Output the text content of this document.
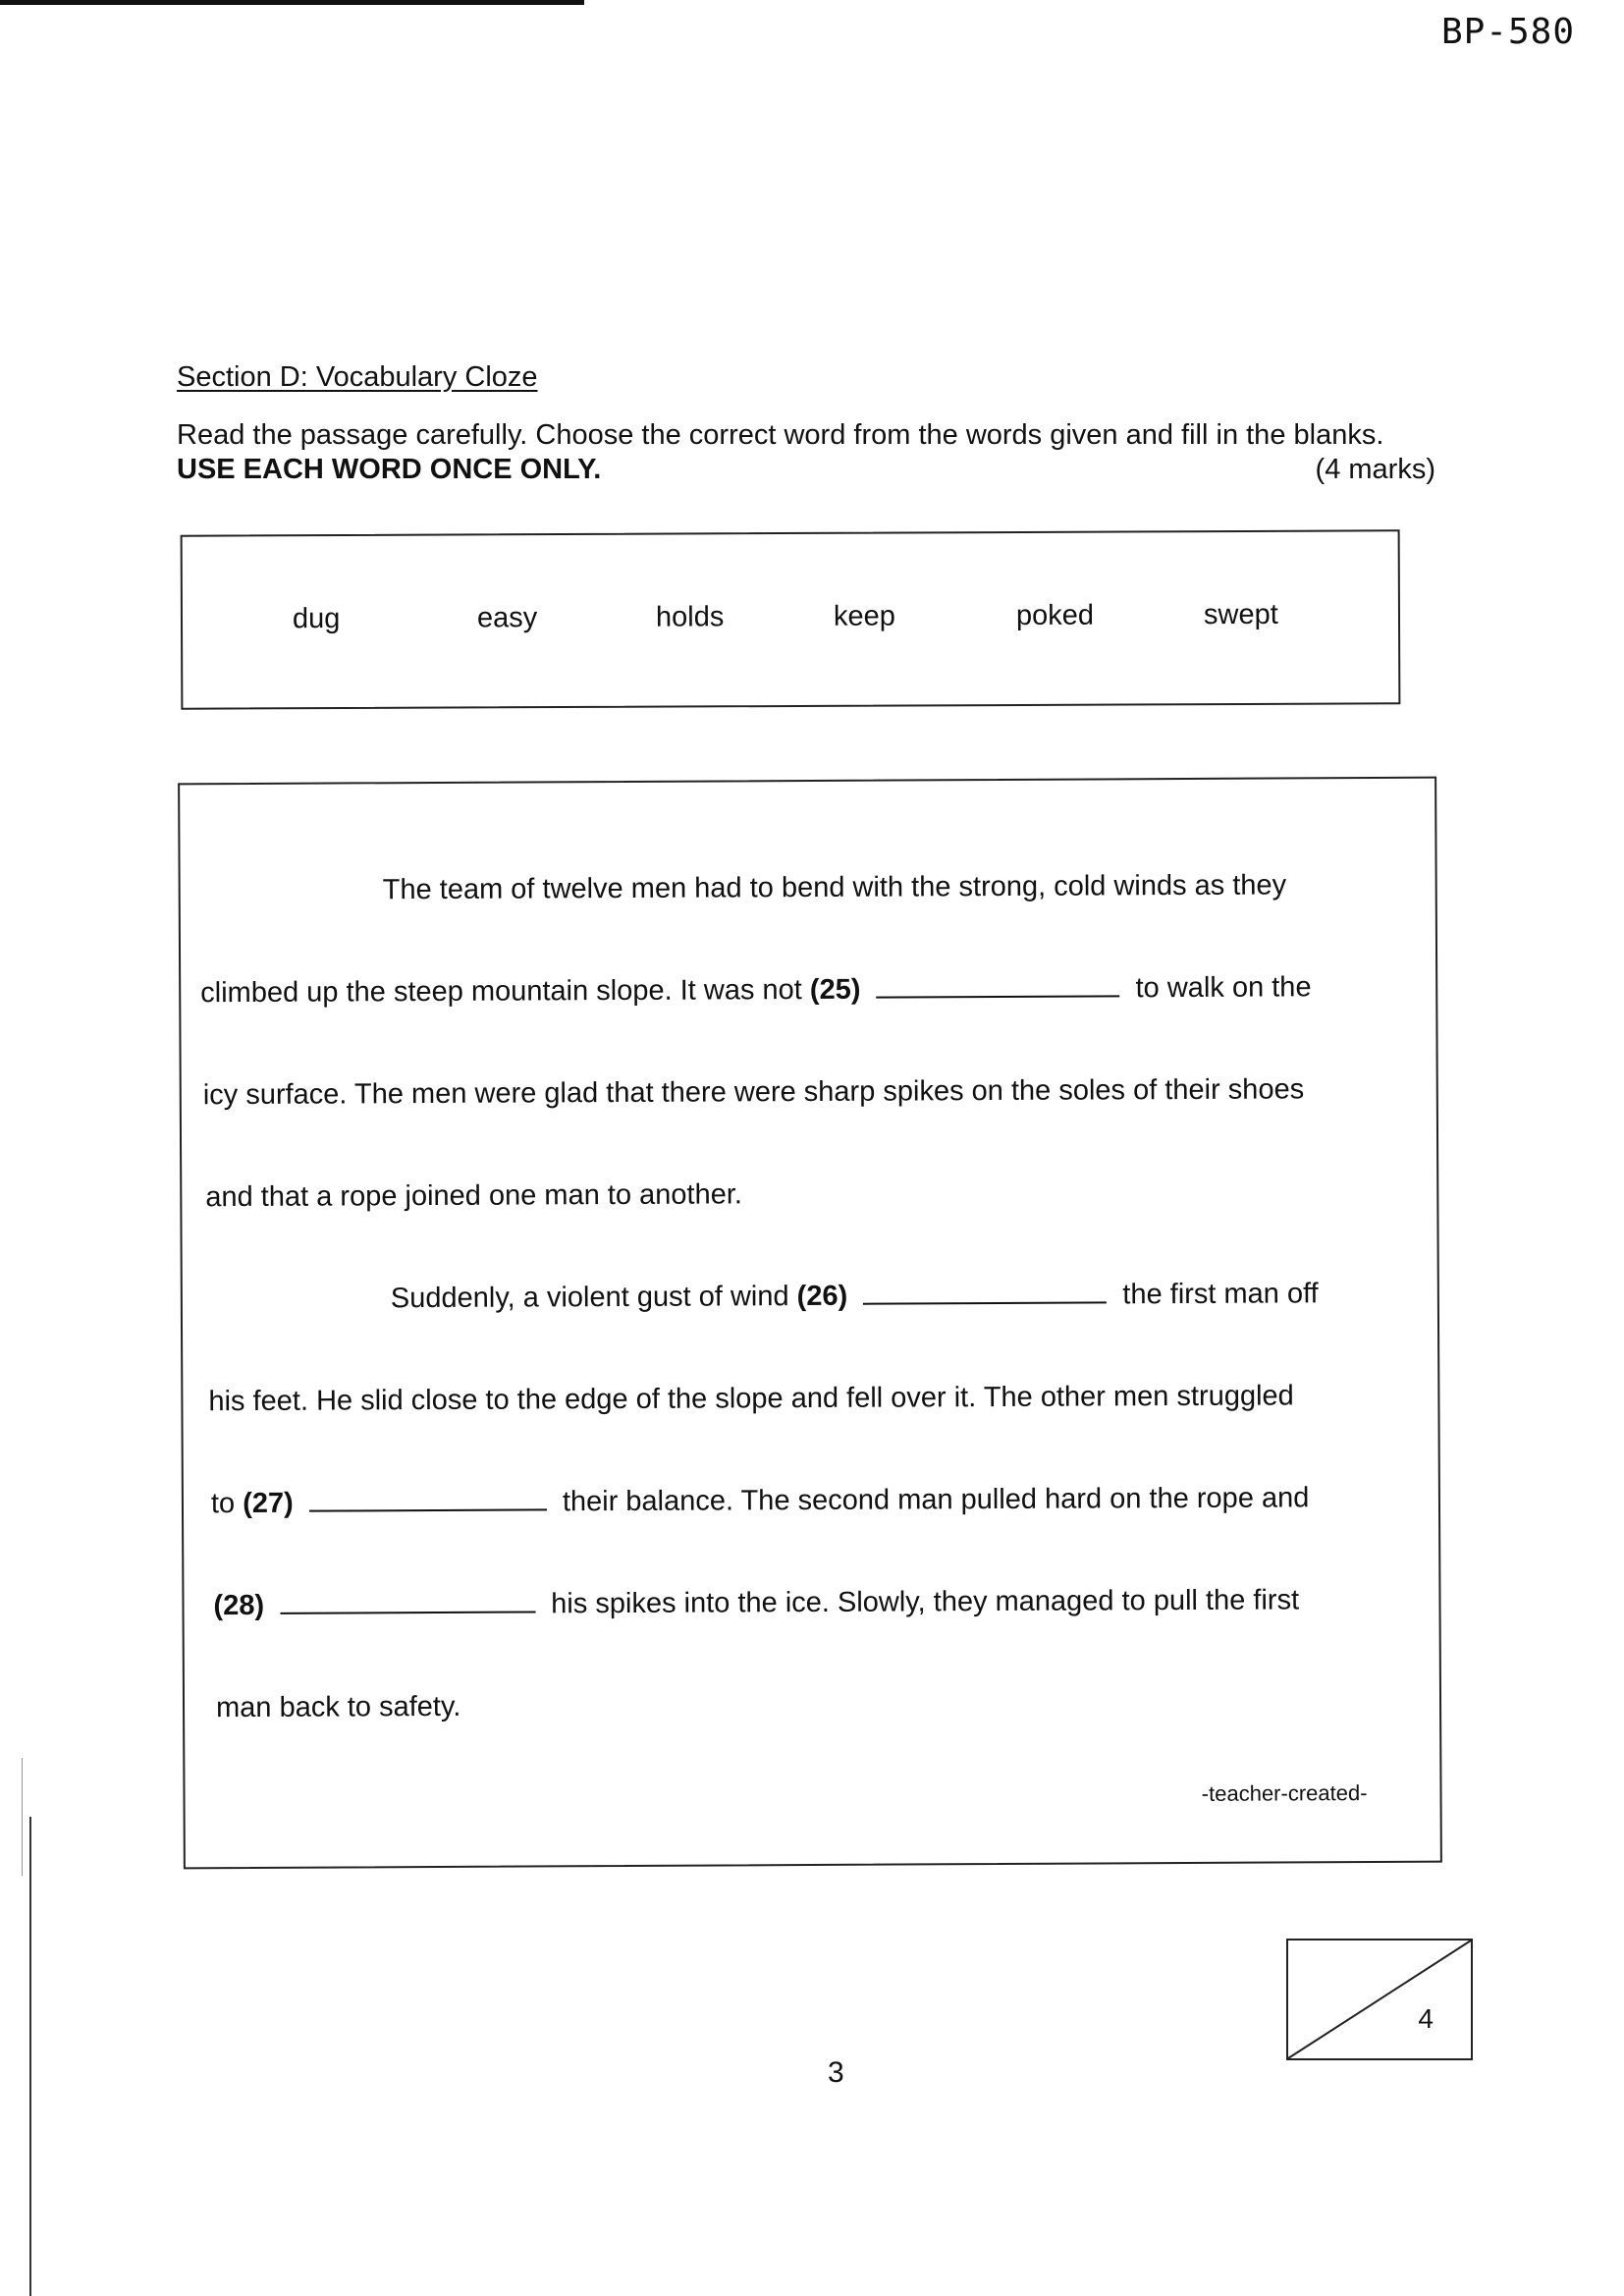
BP-580
Section D: Vocabulary Cloze
Read the passage carefully. Choose the correct word from the words given and fill in the blanks.
USE EACH WORD ONCE ONLY.	(4 marks)
dug	easy	holds	keep	poked	swept
The team of twelve men had to bend with the strong, cold winds as they
climbed up the steep mountain slope. It was not (25)	to walk on the
icy surface. The men were glad that there were sharp spikes on the soles of their shoes
and that a rope joined one man to another.
Suddenly, a violent gust of wind (26)	the first man off
his feet. He slid close to the edge of the slope and fell over it. The other men struggled
to (27)	their balance. The second man pulled hard on the rope and
(28)	his spikes into the ice. Slowly, they managed to pull the first
man back to safety.
-teacher-created-
4
3
